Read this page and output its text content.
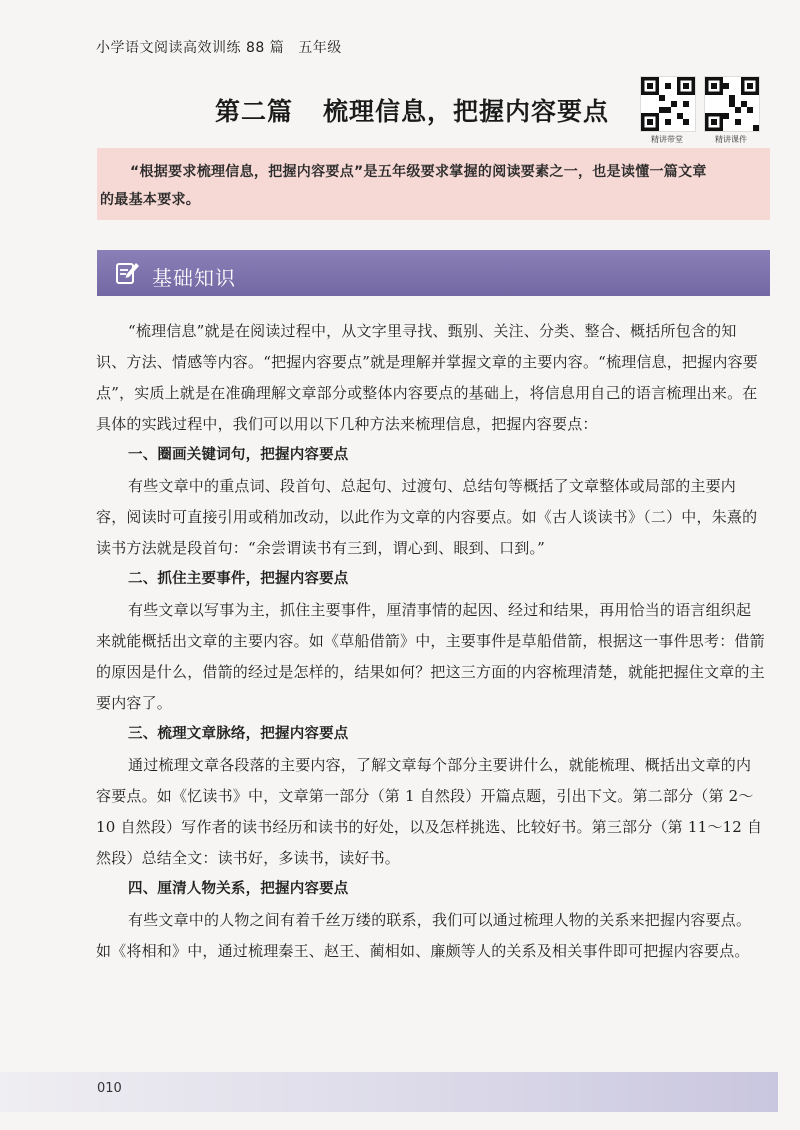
小学语文阅读高效训练 88 篇 五年级
第二篇 梳理信息，把握内容要点
精讲带堂	精讲课件

“根据要求梳理信息，把握内容要点”是五年级要求掌握的阅读要素之一，也是读懂一篇文章的最基本要求。

基础知识

“梳理信息”就是在阅读过程中，从文字里寻找、甄别、关注、分类、整合、概括所包含的知识、方法、情感等内容。“把握内容要点”就是理解并掌握文章的主要内容。“梳理信息，把握内容要点”，实质上就是在准确理解文章部分或整体内容要点的基础上，将信息用自己的语言梳理出来。在具体的实践过程中，我们可以用以下几种方法来梳理信息，把握内容要点：

一、圈画关键词句，把握内容要点

有些文章中的重点词、段首句、总起句、过渡句、总结句等概括了文章整体或局部的主要内容，阅读时可直接引用或稍加改动，以此作为文章的内容要点。如《古人谈读书》（二）中，朱熹的读书方法就是段首句：“余尝谓读书有三到，谓心到、眼到、口到。”

二、抓住主要事件，把握内容要点

有些文章以写事为主，抓住主要事件，厘清事情的起因、经过和结果，再用恰当的语言组织起来就能概括出文章的主要内容。如《草船借箭》中，主要事件是草船借箭，根据这一事件思考：借箭的原因是什么，借箭的经过是怎样的，结果如何？把这三方面的内容梳理清楚，就能把握住文章的主要内容了。

三、梳理文章脉络，把握内容要点

通过梳理文章各段落的主要内容，了解文章每个部分主要讲什么，就能梳理、概括出文章的内容要点。如《忆读书》中，文章第一部分（第 1 自然段）开篇点题，引出下文。第二部分（第 2～10 自然段）写作者的读书经历和读书的好处，以及怎样挑选、比较好书。第三部分（第 11～12 自然段）总结全文：读书好，多读书，读好书。

四、厘清人物关系，把握内容要点

有些文章中的人物之间有着千丝万缕的联系，我们可以通过梳理人物的关系来把握内容要点。如《将相和》中，通过梳理秦王、赵王、蔺相如、廉颇等人的关系及相关事件即可把握内容要点。

010
